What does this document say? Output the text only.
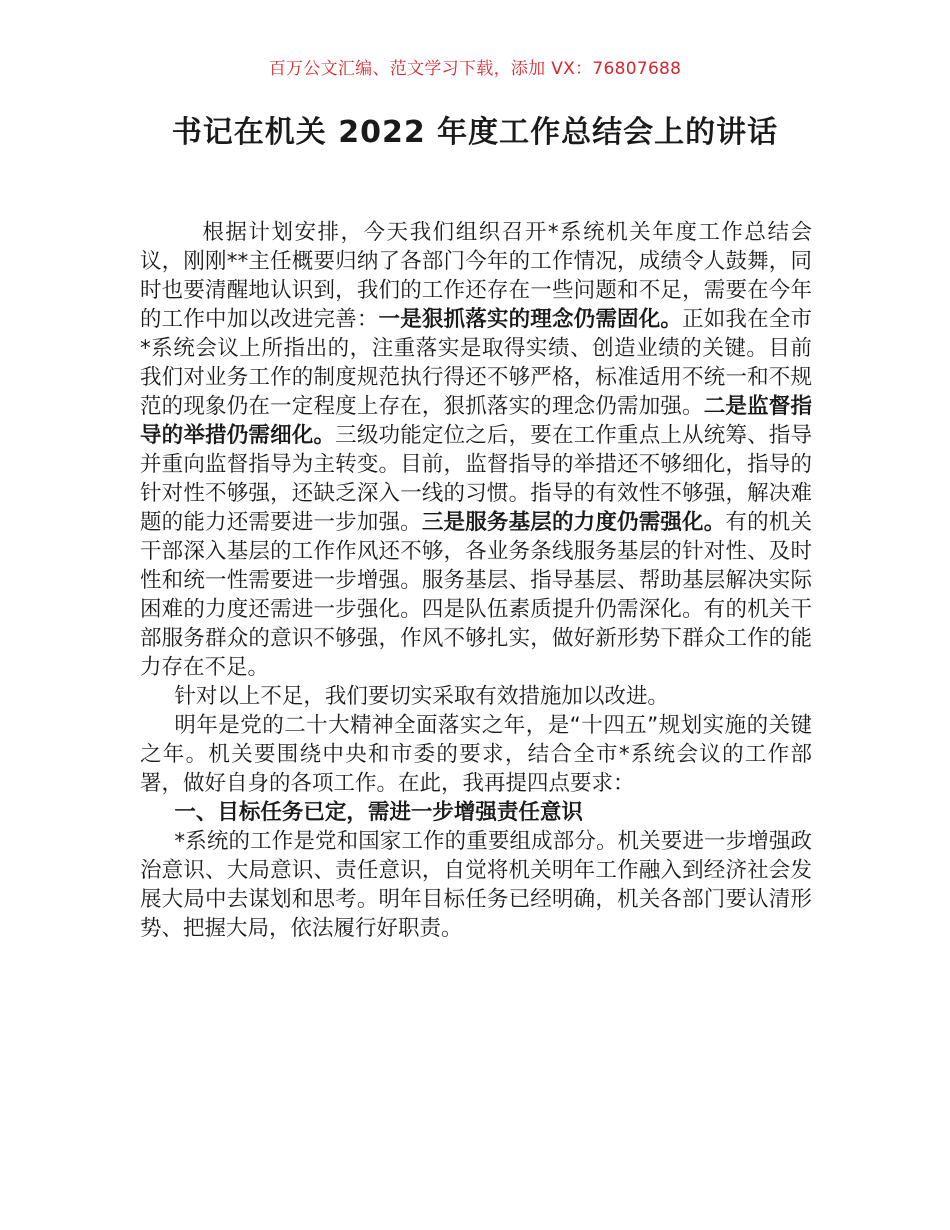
百万公文汇编、范文学习下载，添加 VX：76807688
书记在机关 2022 年度工作总结会上的讲话

根据计划安排，今天我们组织召开*系统机关年度工作总结会议，刚刚**主任概要归纳了各部门今年的工作情况，成绩令人鼓舞，同时也要清醒地认识到，我们的工作还存在一些问题和不足，需要在今年的工作中加以改进完善：一是狠抓落实的理念仍需固化。正如我在全市*系统会议上所指出的，注重落实是取得实绩、创造业绩的关键。目前我们对业务工作的制度规范执行得还不够严格，标准适用不统一和不规范的现象仍在一定程度上存在，狠抓落实的理念仍需加强。二是监督指导的举措仍需细化。三级功能定位之后，要在工作重点上从统筹、指导并重向监督指导为主转变。目前，监督指导的举措还不够细化，指导的针对性不够强，还缺乏深入一线的习惯。指导的有效性不够强，解决难题的能力还需要进一步加强。三是服务基层的力度仍需强化。有的机关干部深入基层的工作作风还不够，各业务条线服务基层的针对性、及时性和统一性需要进一步增强。服务基层、指导基层、帮助基层解决实际困难的力度还需进一步强化。四是队伍素质提升仍需深化。有的机关干部服务群众的意识不够强，作风不够扎实，做好新形势下群众工作的能力存在不足。

针对以上不足，我们要切实采取有效措施加以改进。

明年是党的二十大精神全面落实之年，是“十四五”规划实施的关键之年。机关要围绕中央和市委的要求，结合全市*系统会议的工作部署，做好自身的各项工作。在此，我再提四点要求：

一、目标任务已定，需进一步增强责任意识

*系统的工作是党和国家工作的重要组成部分。机关要进一步增强政治意识、大局意识、责任意识，自觉将机关明年工作融入到经济社会发展大局中去谋划和思考。明年目标任务已经明确，机关各部门要认清形势、把握大局，依法履行好职责。
